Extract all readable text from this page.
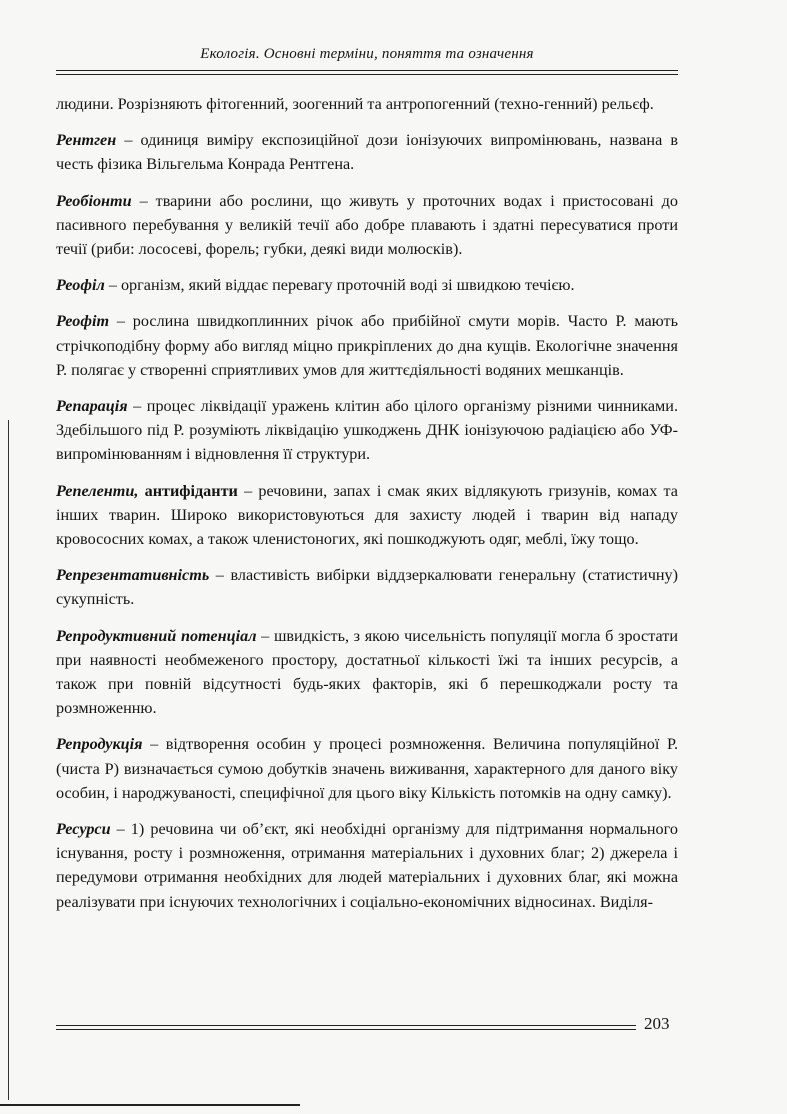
Екологія. Основні терміни, поняття та означення

людини. Розрізняють фітогенний, зоогенний та антропогенний (техно-генний) рельєф.

Рентген – одиниця виміру експозиційної дози іонізуючих випромінювань, названа в честь фізика Вільгельма Конрада Рентгена.

Реобіонти – тварини або рослини, що живуть у проточних водах і пристосовані до пасивного перебування у великій течії або добре плавають і здатні пересуватися проти течії (риби: лососеві, форель; губки, деякі види молюсків).

Реофіл – організм, який віддає перевагу проточній воді зі швидкою течією.

Реофіт – рослина швидкоплинних річок або прибійної смути морів. Часто Р. мають стрічкоподібну форму або вигляд міцно прикріплених до дна кущів. Екологічне значення Р. полягає у створенні сприятливих умов для життєдіяльності водяних мешканців.

Репарація – процес ліквідації уражень клітин або цілого організму різними чинниками. Здебільшого під Р. розуміють ліквідацію ушкоджень ДНК іонізуючою радіацією або УФ-випромінюванням і відновлення її структури.

Репеленти, антифіданти – речовини, запах і смак яких відлякують гризунів, комах та інших тварин. Широко використовуються для захисту людей і тварин від нападу кровососних комах, а також членистоногих, які пошкоджують одяг, меблі, їжу тощо.

Репрезентативність – властивість вибірки віддзеркалювати генеральну (статистичну) сукупність.

Репродуктивний потенціал – швидкість, з якою чисельність популяції могла б зростати при наявності необмеженого простору, достатньої кількості їжі та інших ресурсів, а також при повній відсутності будь-яких факторів, які б перешкоджали росту та розмноженню.

Репродукція – відтворення особин у процесі розмноження. Величина популяційної Р. (чиста Р) визначається сумою добутків значень виживання, характерного для даного віку особин, і народжуваності, специфічної для цього віку Кількість потомків на одну самку).

Ресурси – 1) речовина чи об’єкт, які необхідні організму для підтримання нормального існування, росту і розмноження, отримання матеріальних і духовних благ; 2) джерела і передумови отримання необхідних для людей матеріальних і духовних благ, які можна реалізувати при існуючих технологічних і соціально-економічних відносинах. Виділя-

203
